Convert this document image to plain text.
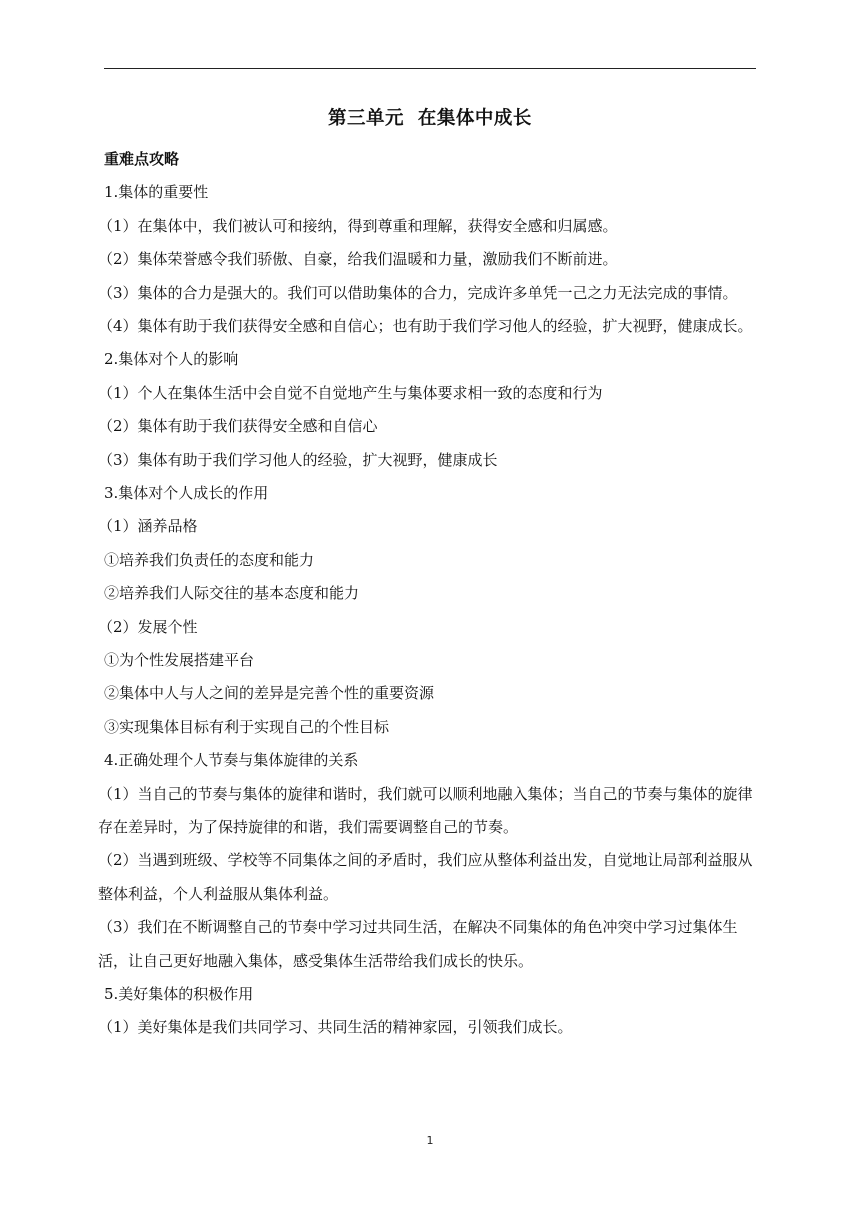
第三单元  在集体中成长
重难点攻略
1.集体的重要性
（1）在集体中，我们被认可和接纳，得到尊重和理解，获得安全感和归属感。
（2）集体荣誉感令我们骄傲、自豪，给我们温暖和力量，激励我们不断前进。
（3）集体的合力是强大的。我们可以借助集体的合力，完成许多单凭一己之力无法完成的事情。
（4）集体有助于我们获得安全感和自信心；也有助于我们学习他人的经验，扩大视野，健康成长。
2.集体对个人的影响
（1）个人在集体生活中会自觉不自觉地产生与集体要求相一致的态度和行为
（2）集体有助于我们获得安全感和自信心
（3）集体有助于我们学习他人的经验，扩大视野，健康成长
3.集体对个人成长的作用
（1）涵养品格
①培养我们负责任的态度和能力
②培养我们人际交往的基本态度和能力
（2）发展个性
①为个性发展搭建平台
②集体中人与人之间的差异是完善个性的重要资源
③实现集体目标有利于实现自己的个性目标
4.正确处理个人节奏与集体旋律的关系
（1）当自己的节奏与集体的旋律和谐时，我们就可以顺利地融入集体；当自己的节奏与集体的旋律存在差异时，为了保持旋律的和谐，我们需要调整自己的节奏。
（2）当遇到班级、学校等不同集体之间的矛盾时，我们应从整体利益出发，自觉地让局部利益服从整体利益，个人利益服从集体利益。
（3）我们在不断调整自己的节奏中学习过共同生活，在解决不同集体的角色冲突中学习过集体生活，让自己更好地融入集体，感受集体生活带给我们成长的快乐。
5.美好集体的积极作用
（1）美好集体是我们共同学习、共同生活的精神家园，引领我们成长。
1
